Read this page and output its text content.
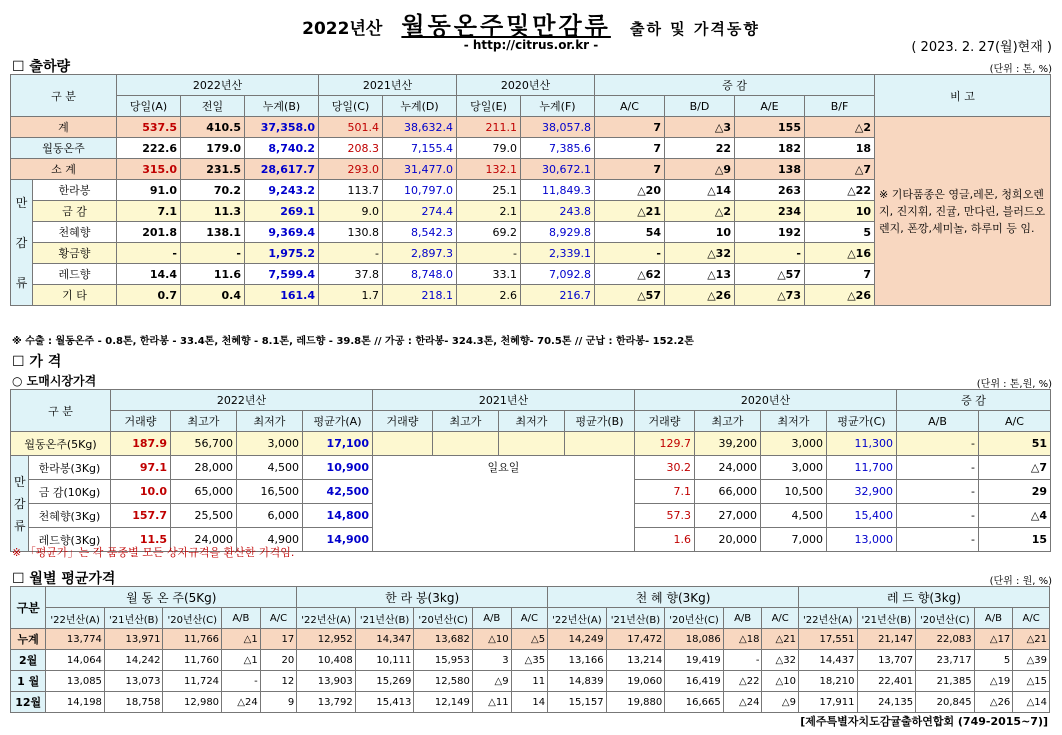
2022년산 월동온주및만감류 출하 및 가격동향
- http://citrus.or.kr -	( 2023. 2. 27(월)현재 )
☐ 출하량	(단위 : 톤, %)
구 분		2022년산			2021년산		2020년산		증 감				비 고
		당일(A)	전일	누계(B)	당일(C)	누계(D)	당일(E)	누계(F)	A/C	B/D	A/E	B/F	
계		537.5	410.5	37,358.0	501.4	38,632.4	211.1	38,057.8	7	△3	155	△2	※ 기타품종은 영글,레몬, 청희오렌지, 진지휘, 진귤, 만다린, 블러드오렌지, 폰깡,세미놀, 하루미 등 임.
월동온주		222.6	179.0	8,740.2	208.3	7,155.4	79.0	7,385.6	7	22	182	18	
소 계		315.0	231.5	28,617.7	293.0	31,477.0	132.1	30,672.1	7	△9	138	△7	

만
감
류	한라봉	91.0	70.2	9,243.2	113.7	10,797.0	25.1	11,849.3	△20	△14	263	△22	
	금 감	7.1	11.3	269.1	9.0	274.4	2.1	243.8	△21	△2	234	10	
	천혜향	201.8	138.1	9,369.4	130.8	8,542.3	69.2	8,929.8	54	10	192	5	
	황금향	-	-	1,975.2	-	2,897.3	-	2,339.1	-	△32	-	△16	
	레드향	14.4	11.6	7,599.4	37.8	8,748.0	33.1	7,092.8	△62	△13	△57	7	
	기 타	0.7	0.4	161.4	1.7	218.1	2.6	216.7	△57	△26	△73	△26	
※ 수출 : 월동온주 - 0.8톤, 한라봉 - 33.4톤, 천혜향 - 8.1톤, 레드향 - 39.8톤 // 가공 : 한라봉- 324.3톤, 천혜향- 70.5톤 // 군납 : 한라봉- 152.2톤
☐ 가 격
○ 도매시장가격	(단위 : 톤,원, %)
구 분		2022년산				2021년산				2020년산				증 감	
		거래량	최고가	최저가	평균가(A)	거래량	최고가	최저가	평균가(B)	거래량	최고가	최저가	평균가(C)	A/B	A/C
월동온주(5Kg)		187.9	56,700	3,000	17,100					129.7	39,200	3,000	11,300	-	51

만
감
류	한라봉(3Kg)	97.1	28,000	4,500	10,900	일요일				30.2	24,000	3,000	11,700	-	△7
	금 감(10Kg)	10.0	65,000	16,500	42,500					7.1	66,000	10,500	32,900	-	29
	천혜향(3Kg)	157.7	25,500	6,000	14,800					57.3	27,000	4,500	15,400	-	△4
	레드향(3Kg)	11.5	24,000	4,900	14,900					1.6	20,000	7,000	13,000	-	15
※ 「평균가」는 각 품종별 모든 상자규격을 환산한 가격임.
☐ 월별 평균가격	(단위 : 원, %)
구분	월 동 온 주(5Kg)					한 라 봉(3kg)					천 혜 향(3Kg)					레 드 향(3kg)				
	'22년산(A)	'21년산(B)	'20년산(C)	A/B	A/C	'22년산(A)	'21년산(B)	'20년산(C)	A/B	A/C	'22년산(A)	'21년산(B)	'20년산(C)	A/B	A/C	'22년산(A)	'21년산(B)	'20년산(C)	A/B	A/C
누계	13,774	13,971	11,766	△1	17	12,952	14,347	13,682	△10	△5	14,249	17,472	18,086	△18	△21	17,551	21,147	22,083	△17	△21
2월	14,064	14,242	11,760	△1	20	10,408	10,111	15,953	3	△35	13,166	13,214	19,419	-	△32	14,437	13,707	23,717	5	△39
1 월	13,085	13,073	11,724	-	12	13,903	15,269	12,580	△9	11	14,839	19,060	16,419	△22	△10	18,210	22,401	21,385	△19	△15
12월	14,198	18,758	12,980	△24	9	13,792	15,413	12,149	△11	14	15,157	19,880	16,665	△24	△9	17,911	24,135	20,845	△26	△14
[제주특별자치도감귤출하연합회 (749-2015~7)]
